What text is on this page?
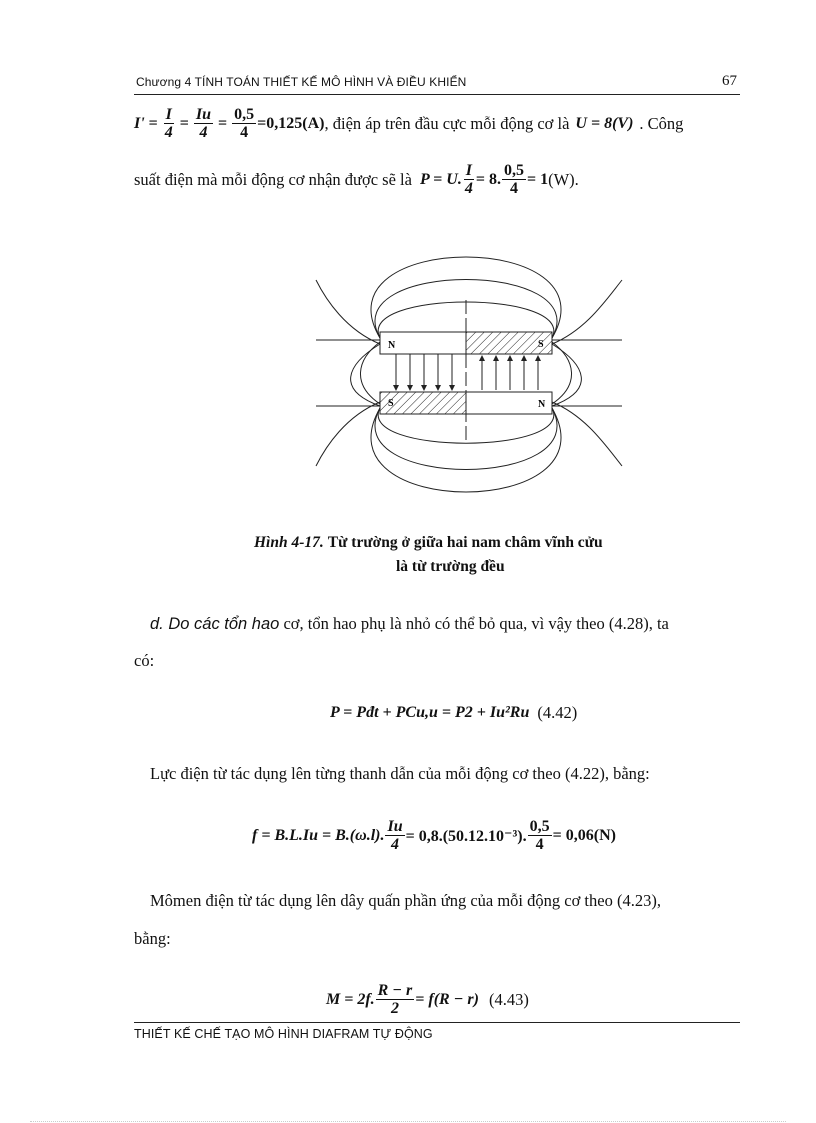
Chương 4 TÍNH TOÁN THIẾT KẾ MÔ HÌNH VÀ ĐIỀU KHIỂN	67
$I' = \frac{I}{4} = \frac{Iu}{4} = \frac{0,5}{4} =0,125(A)$ , điện áp trên đầu cực mỗi động cơ là U = 8(V) . Công
suất điện mà mỗi động cơ nhận được sẽ là P = U. $\frac{I}{4} = 8$. $\frac{0,5}{4} = 1$ (W).
N	S
S	N
Hình 4-17. Từ trường ở giữa hai nam châm vĩnh cửu
là từ trường đều
d. Do các tổn hao cơ, tổn hao phụ là nhỏ có thể bỏ qua, vì vậy theo (4.28), ta
có:
P = Pđt + PCu,u = P2 + Iu²Ru (4.42)
Lực điện từ tác dụng lên từng thanh dẫn của mỗi động cơ theo (4.22), bằng:
f = B.L.Iu = B.(ω.l). $\frac{Iu}{4} = 0,8.(50.12.10^{-3})$. $\frac{0,5}{4} = 0,06(N)$
Mômen điện từ tác dụng lên dây quấn phần ứng của mỗi động cơ theo (4.23),
bằng:
M = 2f. $\frac{R - r}{2} = f(R - r)$ (4.43)
THIẾT KẾ CHẾ TẠO MÔ HÌNH DIAFRAM TỰ ĐỘNG
